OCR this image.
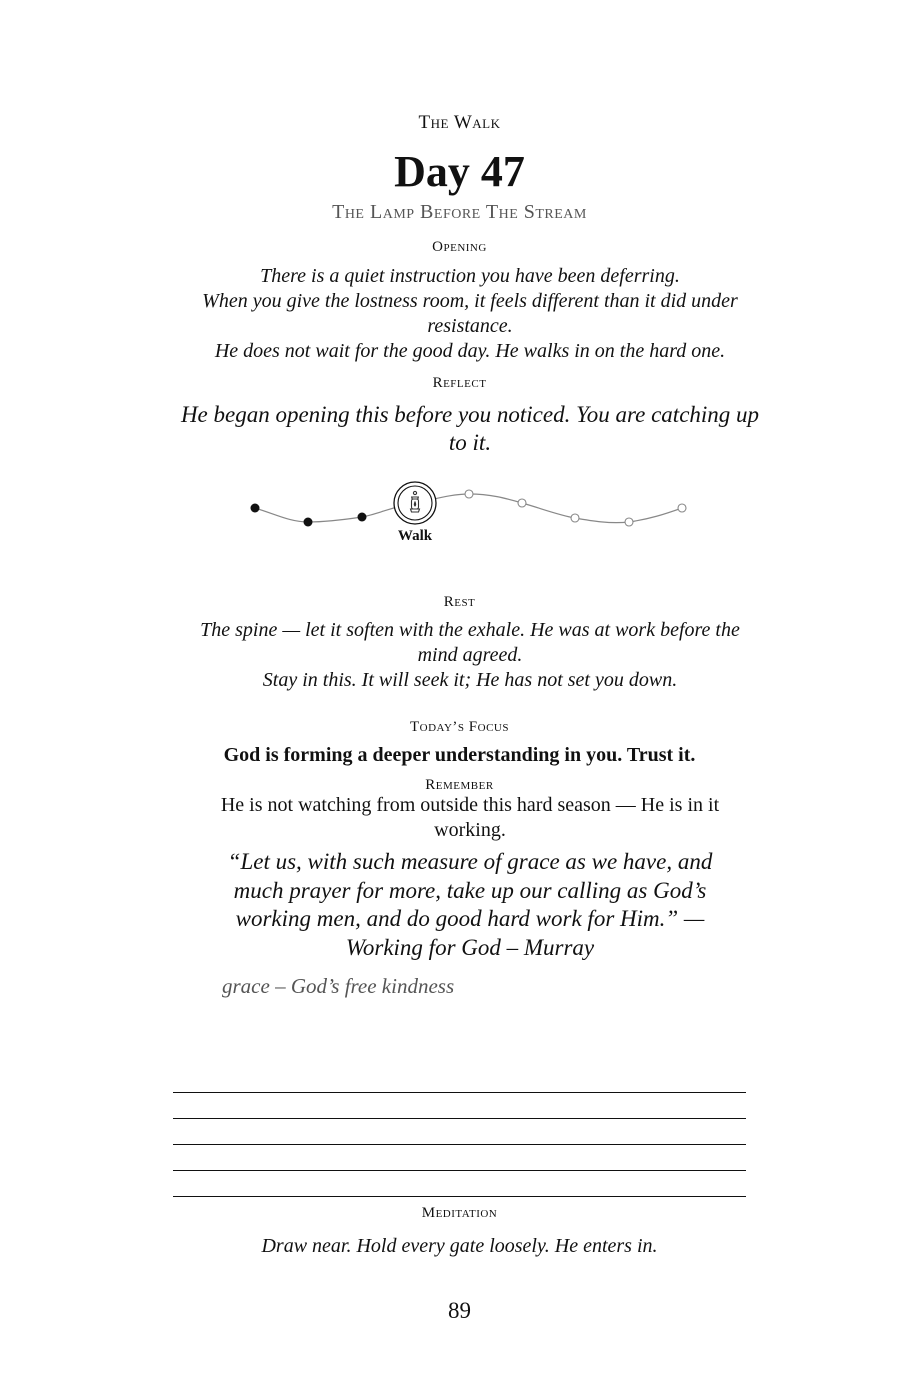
The Walk
Day 47
The Lamp Before The Stream
Opening
There is a quiet instruction you have been deferring.
When you give the lostness room, it feels different than it did under resistance.
He does not wait for the good day. He walks in on the hard one.
Reflect
He began opening this before you noticed. You are catching up to it.
Walk
Rest
The spine — let it soften with the exhale. He was at work before the mind agreed.
Stay in this. It will seek it; He has not set you down.
Today’s Focus
God is forming a deeper understanding in you. Trust it.
Remember
He is not watching from outside this hard season — He is in it working.
“Let us, with such measure of grace as we have, and much prayer for more, take up our calling as God’s working men, and do good hard work for Him.” — Working for God – Murray
grace – God’s free kindness
Meditation
Draw near. Hold every gate loosely. He enters in.
89
